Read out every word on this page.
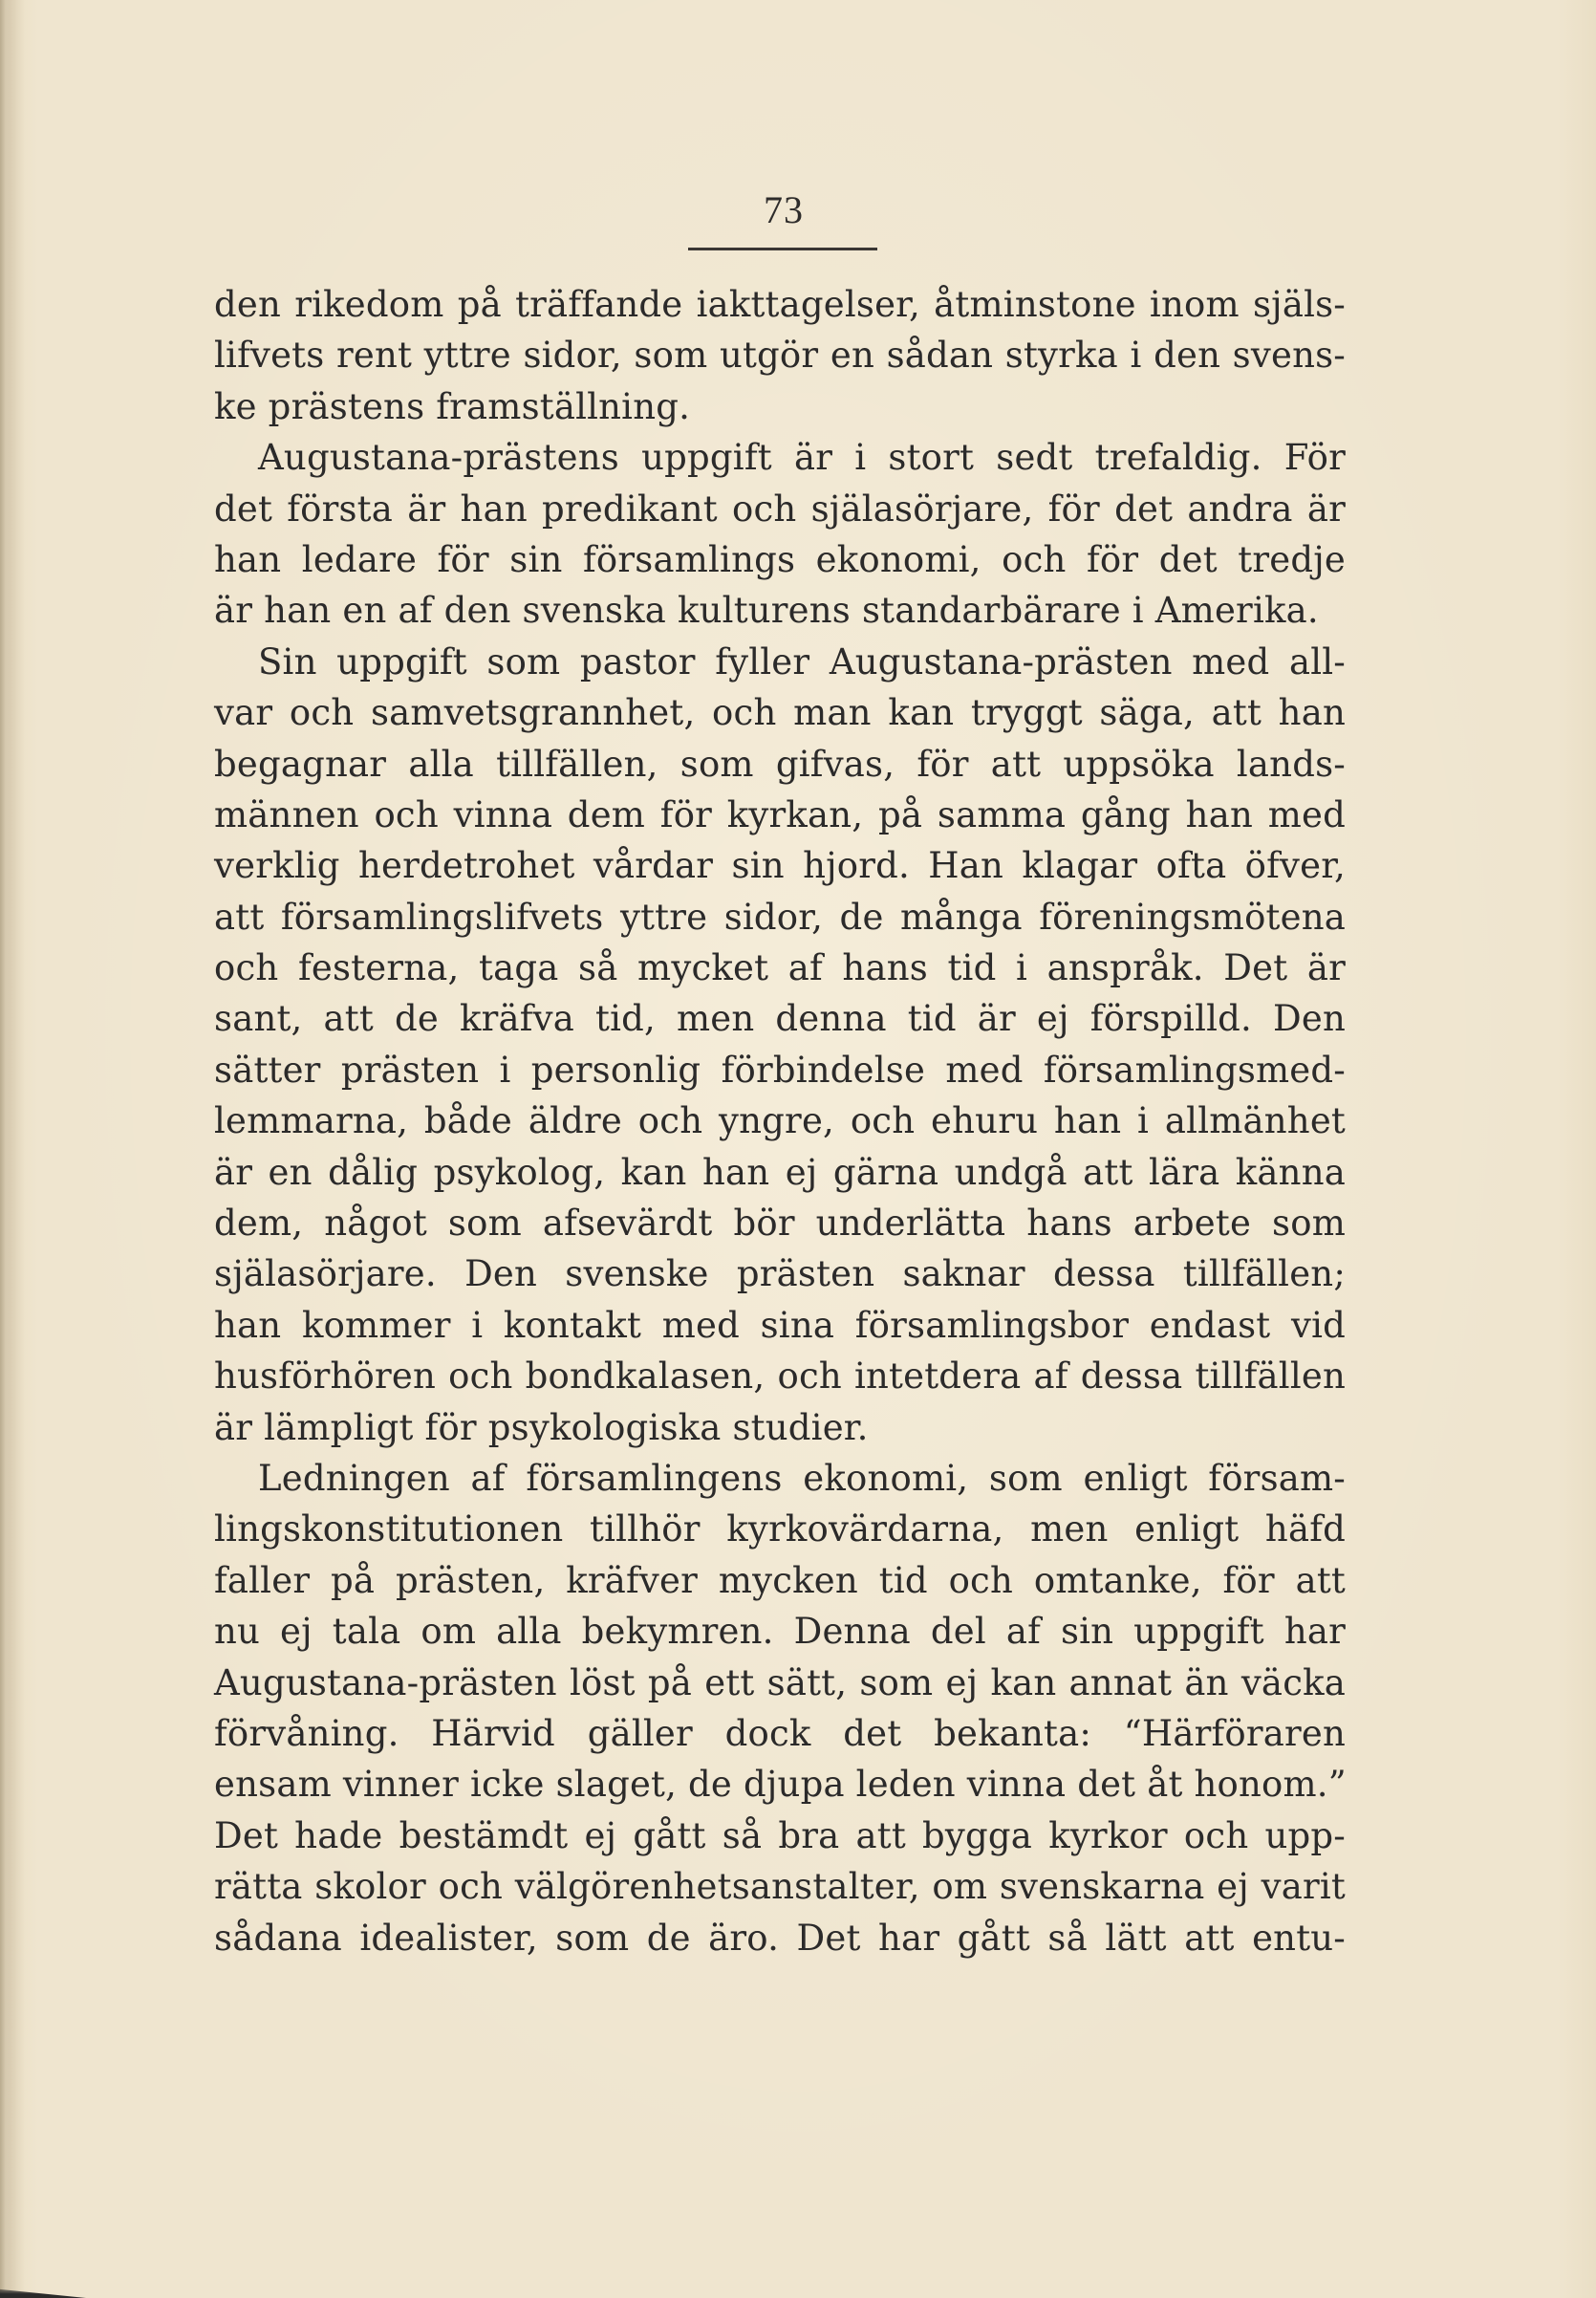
73
den rikedom på träffande iakttagelser, åtminstone inom själs-
lifvets rent yttre sidor, som utgör en sådan styrka i den svens-
ke prästens framställning.
Augustana-prästens uppgift är i stort sedt trefaldig. För
det första är han predikant och själasörjare, för det andra är
han ledare för sin församlings ekonomi, och för det tredje
är han en af den svenska kulturens standarbärare i Amerika.
Sin uppgift som pastor fyller Augustana-prästen med all-
var och samvetsgrannhet, och man kan tryggt säga, att han
begagnar alla tillfällen, som gifvas, för att uppsöka lands-
männen och vinna dem för kyrkan, på samma gång han med
verklig herdetrohet vårdar sin hjord. Han klagar ofta öfver,
att församlingslifvets yttre sidor, de många föreningsmötena
och festerna, taga så mycket af hans tid i anspråk. Det är
sant, att de kräfva tid, men denna tid är ej förspilld. Den
sätter prästen i personlig förbindelse med församlingsmed-
lemmarna, både äldre och yngre, och ehuru han i allmänhet
är en dålig psykolog, kan han ej gärna undgå att lära känna
dem, något som afsevärdt bör underlätta hans arbete som
själasörjare. Den svenske prästen saknar dessa tillfällen;
han kommer i kontakt med sina församlingsbor endast vid
husförhören och bondkalasen, och intetdera af dessa tillfällen
är lämpligt för psykologiska studier.
Ledningen af församlingens ekonomi, som enligt försam-
lingskonstitutionen tillhör kyrkovärdarna, men enligt häfd
faller på prästen, kräfver mycken tid och omtanke, för att
nu ej tala om alla bekymren. Denna del af sin uppgift har
Augustana-prästen löst på ett sätt, som ej kan annat än väcka
förvåning. Härvid gäller dock det bekanta: “Härföraren
ensam vinner icke slaget, de djupa leden vinna det åt honom.”
Det hade bestämdt ej gått så bra att bygga kyrkor och upp-
rätta skolor och välgörenhetsanstalter, om svenskarna ej varit
sådana idealister, som de äro. Det har gått så lätt att entu-
